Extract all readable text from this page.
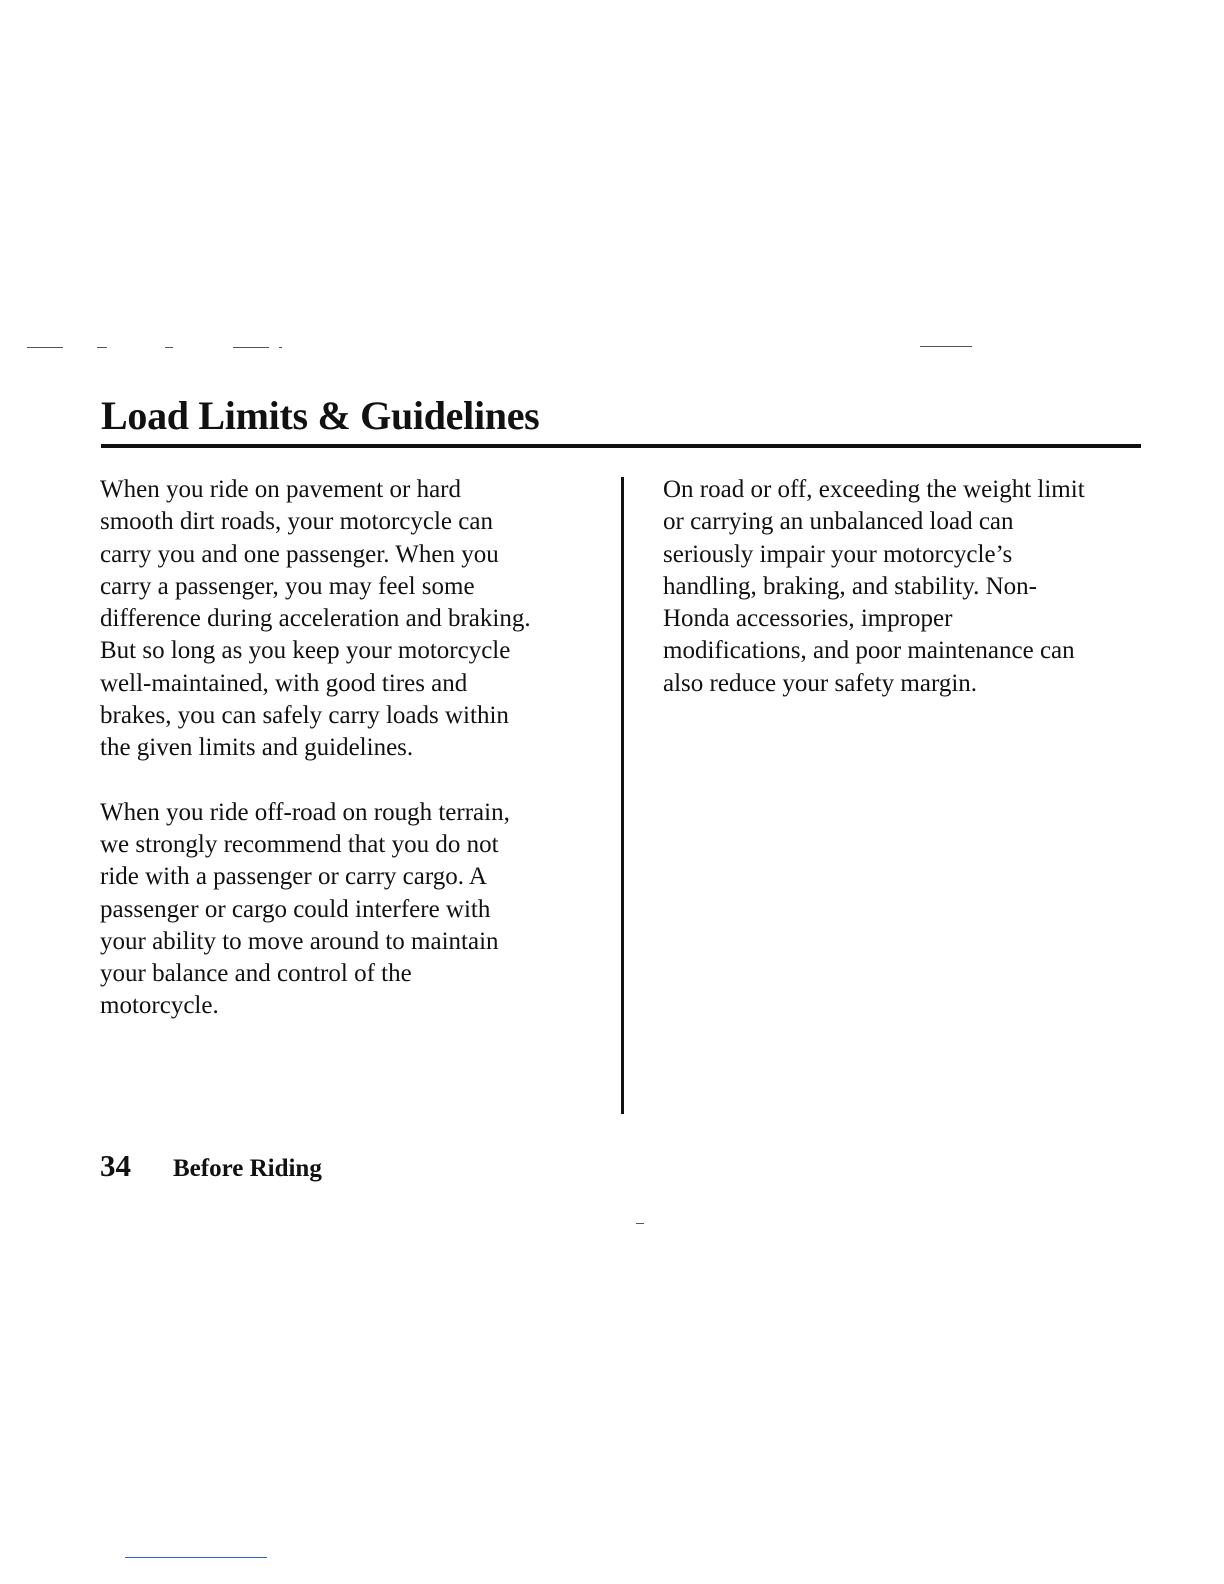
Load Limits & Guidelines

When you ride on pavement or hard

smooth dirt roads, your motorcycle can

carry you and one passenger. When you

carry a passenger, you may feel some

difference during acceleration and braking.

But so long as you keep your motorcycle

well-maintained, with good tires and

brakes, you can safely carry loads within

the given limits and guidelines.

When you ride off-road on rough terrain,

we strongly recommend that you do not

ride with a passenger or carry cargo. A

passenger or cargo could interfere with

your ability to move around to maintain

your balance and control of the

motorcycle.

On road or off, exceeding the weight limit

or carrying an unbalanced load can

seriously impair your motorcycle’s

handling, braking, and stability. Non-

Honda accessories, improper

modifications, and poor maintenance can

also reduce your safety margin.

34 Before Riding
